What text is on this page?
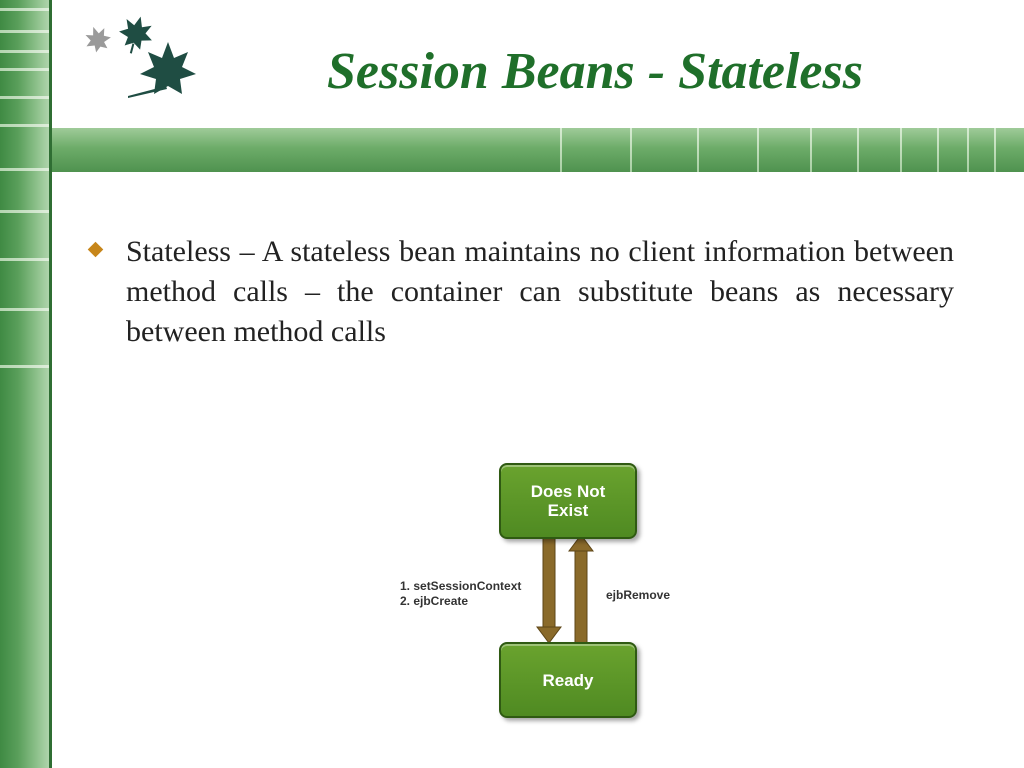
Session Beans - Stateless
Stateless – A stateless bean maintains no client information between method calls – the container can substitute beans as necessary between method calls
Does Not
Exist
Ready
1. setSessionContext
2. ejbCreate	ejbRemove
